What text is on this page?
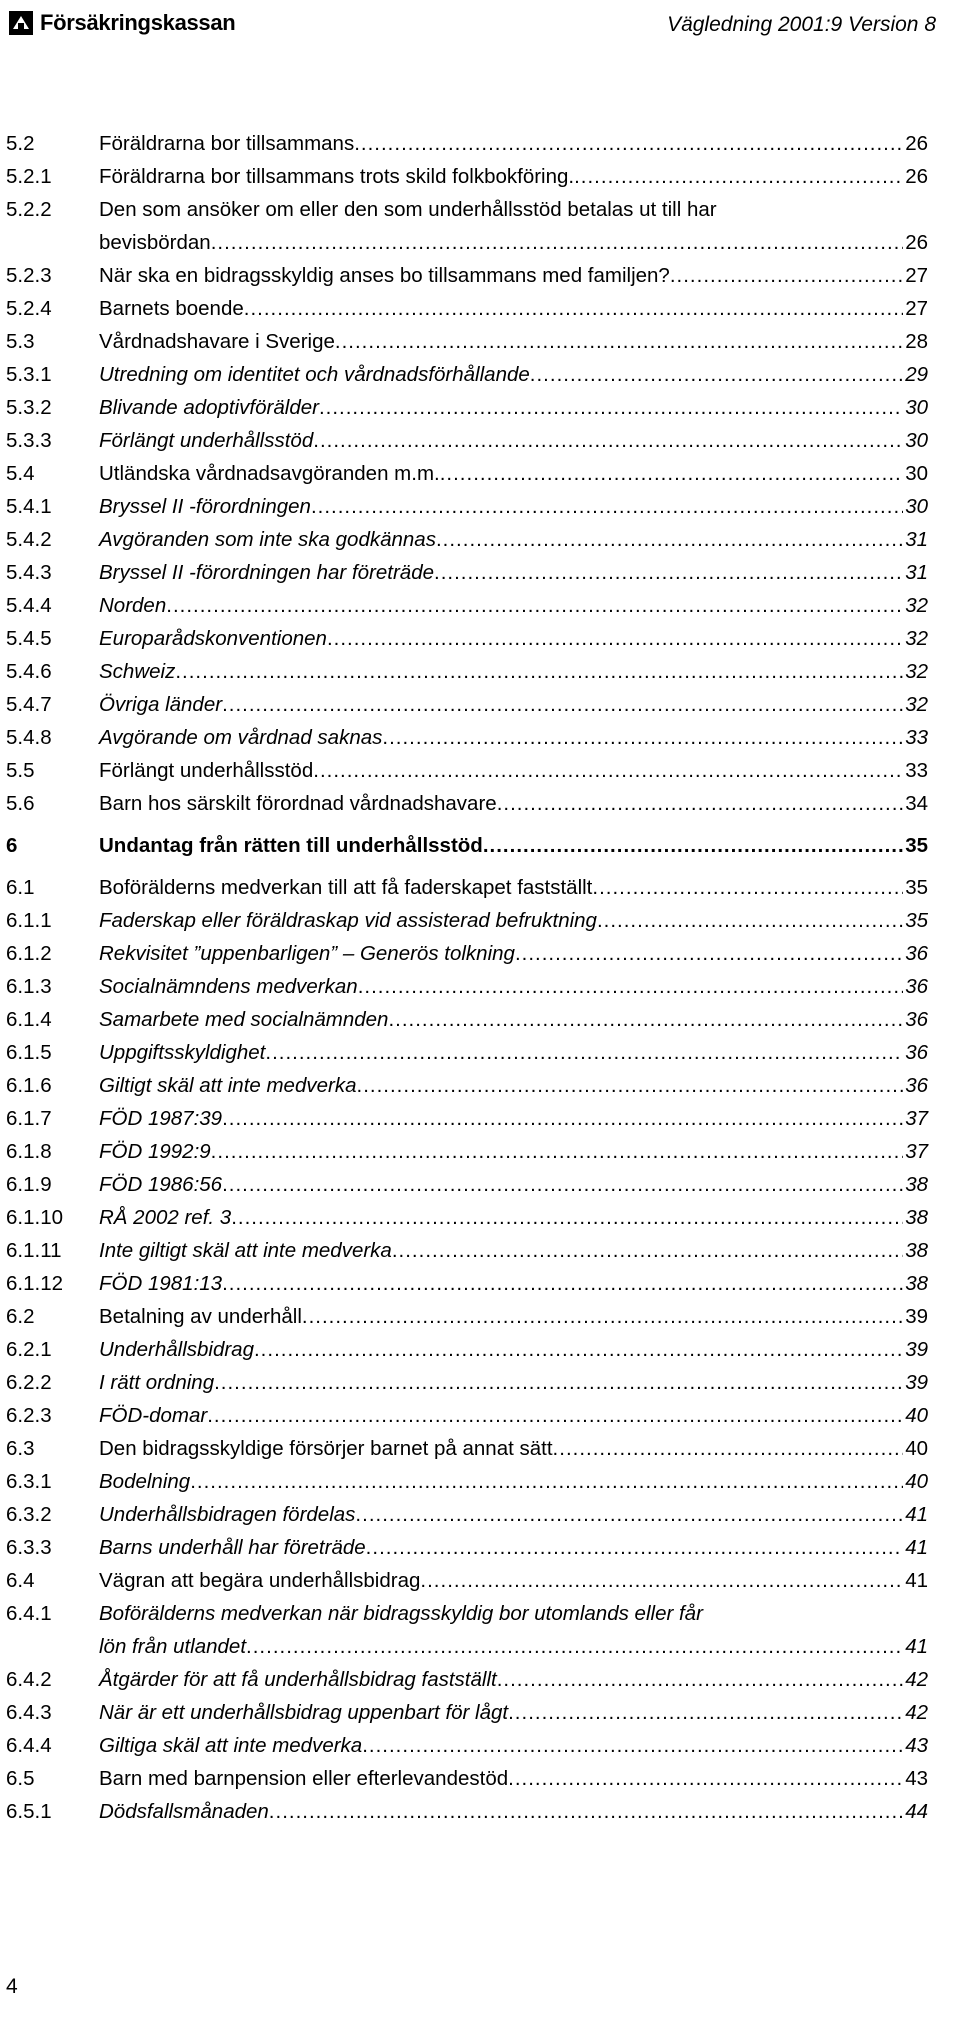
Försäkringskassan	Vägledning 2001:9 Version 8
5.2	Föräldrarna bor tillsammans .....	26
5.2.1	Föräldrarna bor tillsammans trots skild folkbokföring. .....	26
5.2.2	Den som ansöker om eller den som underhållsstöd betalas ut till har
bevisbördan .....	26
5.2.3	När ska en bidragsskyldig anses bo tillsammans med familjen? .....	27
5.2.4	Barnets boende .....	27
5.3	Vårdnadshavare i Sverige .....	28
5.3.1	Utredning om identitet och vårdnadsförhållande .....	29
5.3.2	Blivande adoptivförälder .....	30
5.3.3	Förlängt underhållsstöd .....	30
5.4	Utländska vårdnadsavgöranden m.m. .....	30
5.4.1	Bryssel II -förordningen .....	30
5.4.2	Avgöranden som inte ska godkännas .....	31
5.4.3	Bryssel II -förordningen har företräde .....	31
5.4.4	Norden .....	32
5.4.5	Europarådskonventionen .....	32
5.4.6	Schweiz .....	32
5.4.7	Övriga länder .....	32
5.4.8	Avgörande om vårdnad saknas .....	33
5.5	Förlängt underhållsstöd .....	33
5.6	Barn hos särskilt förordnad vårdnadshavare .....	34
6	Undantag från rätten till underhållsstöd .....	35
6.1	Boförälderns medverkan till att få faderskapet fastställt .....	35
6.1.1	Faderskap eller föräldraskap vid assisterad befruktning .....	35
6.1.2	Rekvisitet ”uppenbarligen” – Generös tolkning .....	36
6.1.3	Socialnämndens medverkan .....	36
6.1.4	Samarbete med socialnämnden .....	36
6.1.5	Uppgiftsskyldighet .....	36
6.1.6	Giltigt skäl att inte medverka .....	36
6.1.7	FÖD 1987:39 .....	37
6.1.8	FÖD 1992:9 .....	37
6.1.9	FÖD 1986:56 .....	38
6.1.10	RÅ 2002 ref. 3 .....	38
6.1.11	Inte giltigt skäl att inte medverka .....	38
6.1.12	FÖD 1981:13 .....	38
6.2	Betalning av underhåll .....	39
6.2.1	Underhållsbidrag .....	39
6.2.2	I rätt ordning .....	39
6.2.3	FÖD-domar .....	40
6.3	Den bidragsskyldige försörjer barnet på annat sätt .....	40
6.3.1	Bodelning .....	40
6.3.2	Underhållsbidragen fördelas .....	41
6.3.3	Barns underhåll har företräde .....	41
6.4	Vägran att begära underhållsbidrag .....	41
6.4.1	Boförälderns medverkan när bidragsskyldig bor utomlands eller får
lön från utlandet .....	41
6.4.2	Åtgärder för att få underhållsbidrag fastställt .....	42
6.4.3	När är ett underhållsbidrag uppenbart för lågt .....	42
6.4.4	Giltiga skäl att inte medverka .....	43
6.5	Barn med barnpension eller efterlevandestöd .....	43
6.5.1	Dödsfallsmånaden .....	44
4
